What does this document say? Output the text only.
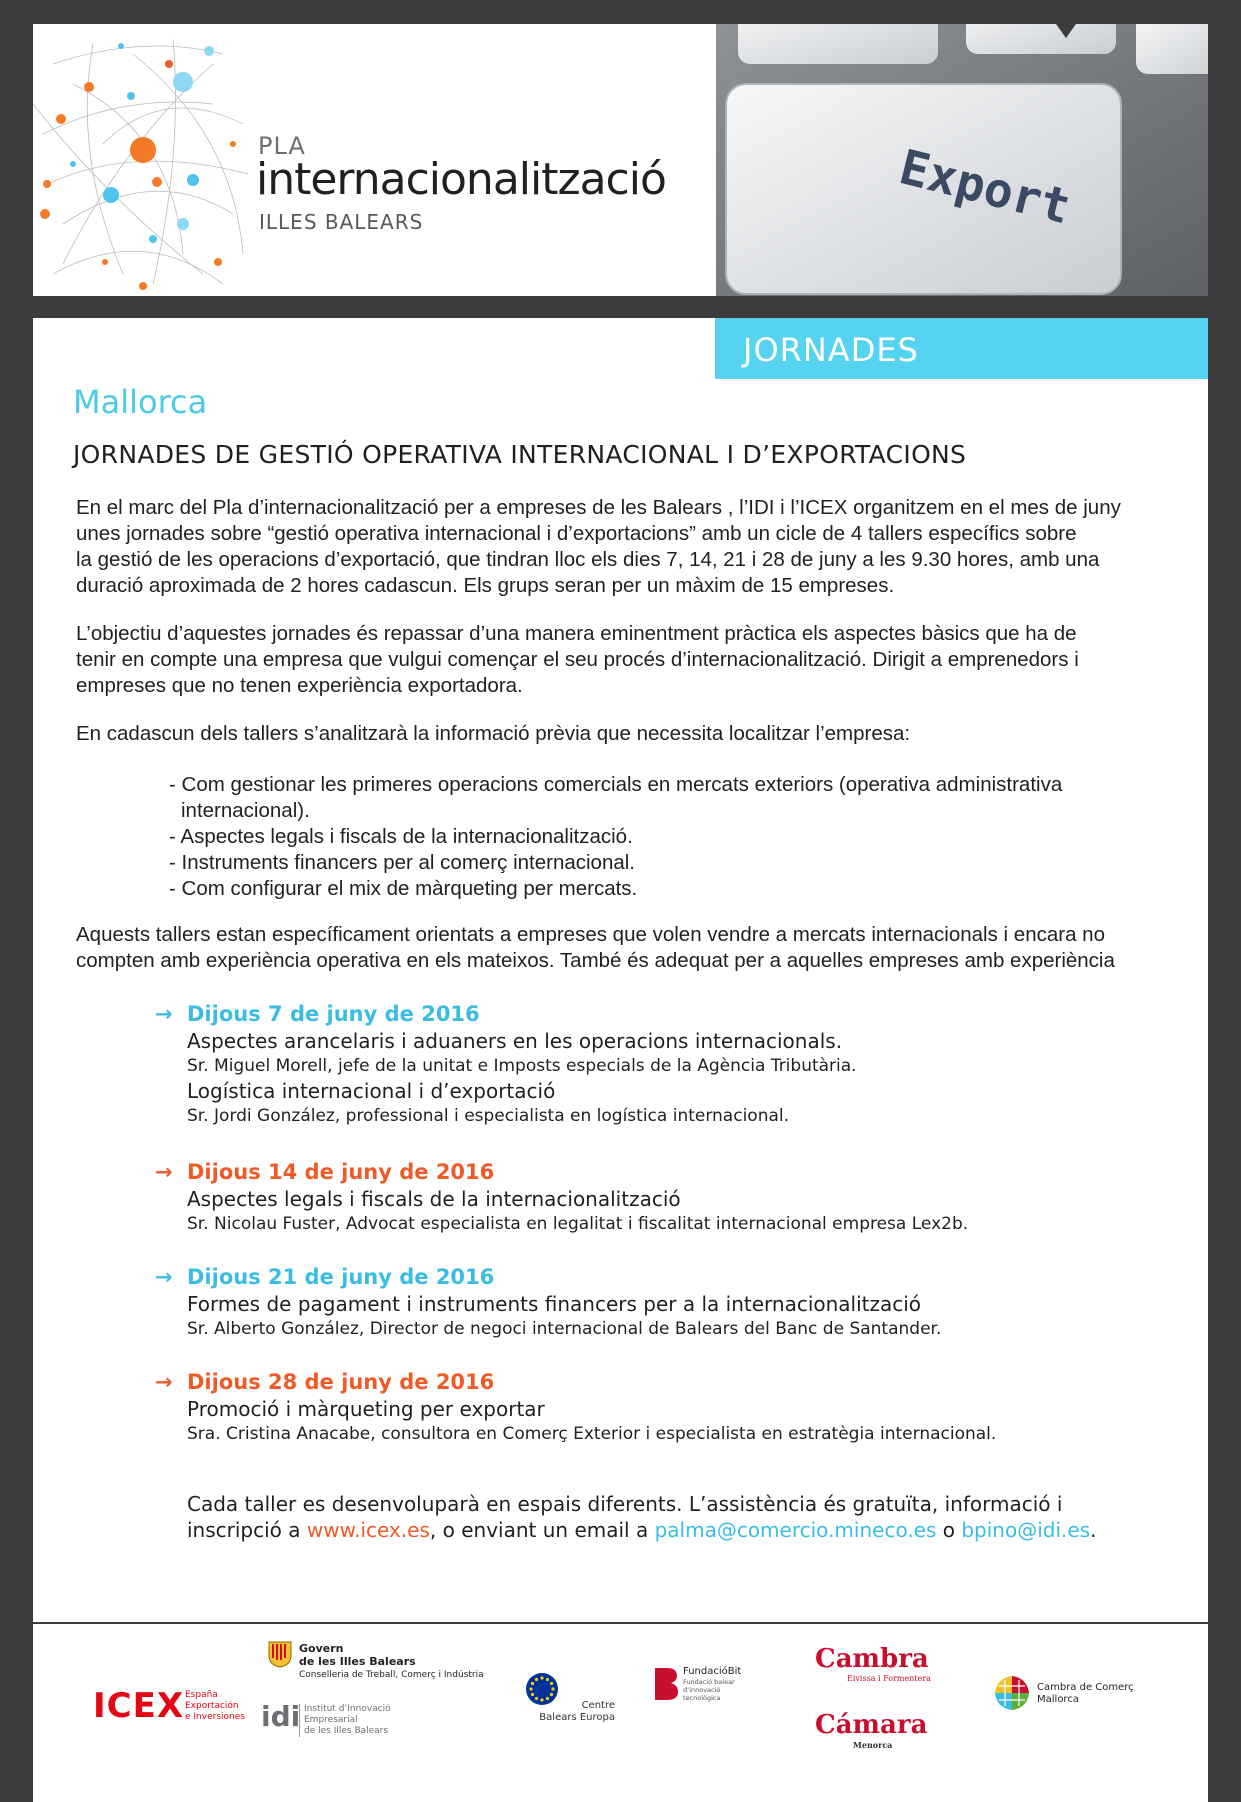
PLA
internacionalització
ILLES BALEARS	Export
JORNADES
Mallorca
JORNADES DE GESTIÓ OPERATIVA INTERNACIONAL I D’EXPORTACIONS
En el marc del Pla d’internacionalització per a empreses de les Balears , l’IDI i l’ICEX organitzem en el mes de juny
unes jornades sobre “gestió operativa internacional i d’exportacions” amb un cicle de 4 tallers específics sobre
la gestió de les operacions d’exportació, que tindran lloc els dies 7, 14, 21 i 28 de juny a les 9.30 hores, amb una
duració aproximada de 2 hores cadascun. Els grups seran per un màxim de 15 empreses.
L’objectiu d’aquestes jornades és repassar d’una manera eminentment pràctica els aspectes bàsics que ha de
tenir en compte una empresa que vulgui començar el seu procés d’internacionalització. Dirigit a emprenedors i
empreses que no tenen experiència exportadora.
En cadascun dels tallers s’analitzarà la informació prèvia que necessita localitzar l’empresa:
- Com gestionar les primeres operacions comercials en mercats exteriors (operativa administrativa internacional).
- Aspectes legals i fiscals de la internacionalització.
- Instruments financers per al comerç internacional.
- Com configurar el mix de màrqueting per mercats.
Aquests tallers estan específicament orientats a empreses que volen vendre a mercats internacionals i encara no
compten amb experiència operativa en els mateixos. També és adequat per a aquelles empreses amb experiència
→ Dijous 7 de juny de 2016
Aspectes arancelaris i aduaners en les operacions internacionals.
Sr. Miguel Morell, jefe de la unitat e Imposts especials de la Agència Tributària.
Logística internacional i d’exportació
Sr. Jordi González, professional i especialista en logística internacional.
→ Dijous 14 de juny de 2016
Aspectes legals i fiscals de la internacionalització
Sr. Nicolau Fuster, Advocat especialista en legalitat i fiscalitat internacional empresa Lex2b.
→ Dijous 21 de juny de 2016
Formes de pagament i instruments financers per a la internacionalització
Sr. Alberto González, Director de negoci internacional de Balears del Banc de Santander.
→ Dijous 28 de juny de 2016
Promoció i màrqueting per exportar
Sra. Cristina Anacabe, consultora en Comerç Exterior i especialista en estratègia internacional.
Cada taller es desenvoluparà en espais diferents. L’assistència és gratuïta, informació i
inscripció a www.icex.es, o enviant un email a palma@comercio.mineco.es o bpino@idi.es.
ICEX España
Exportación
e Inversiones
Govern
de les Illes Balears
Conselleria de Treball, Comerç i Indústria
idi Institut d’Innovació
Empresarial
de les Illes Balears
Centre
Balears Europa
FundacióBit
Fundació balear
d’innovació
tecnològica
Cambra
Eivissa i Formentera
Cámara
Menorca
Cambra de Comerç
Mallorca
